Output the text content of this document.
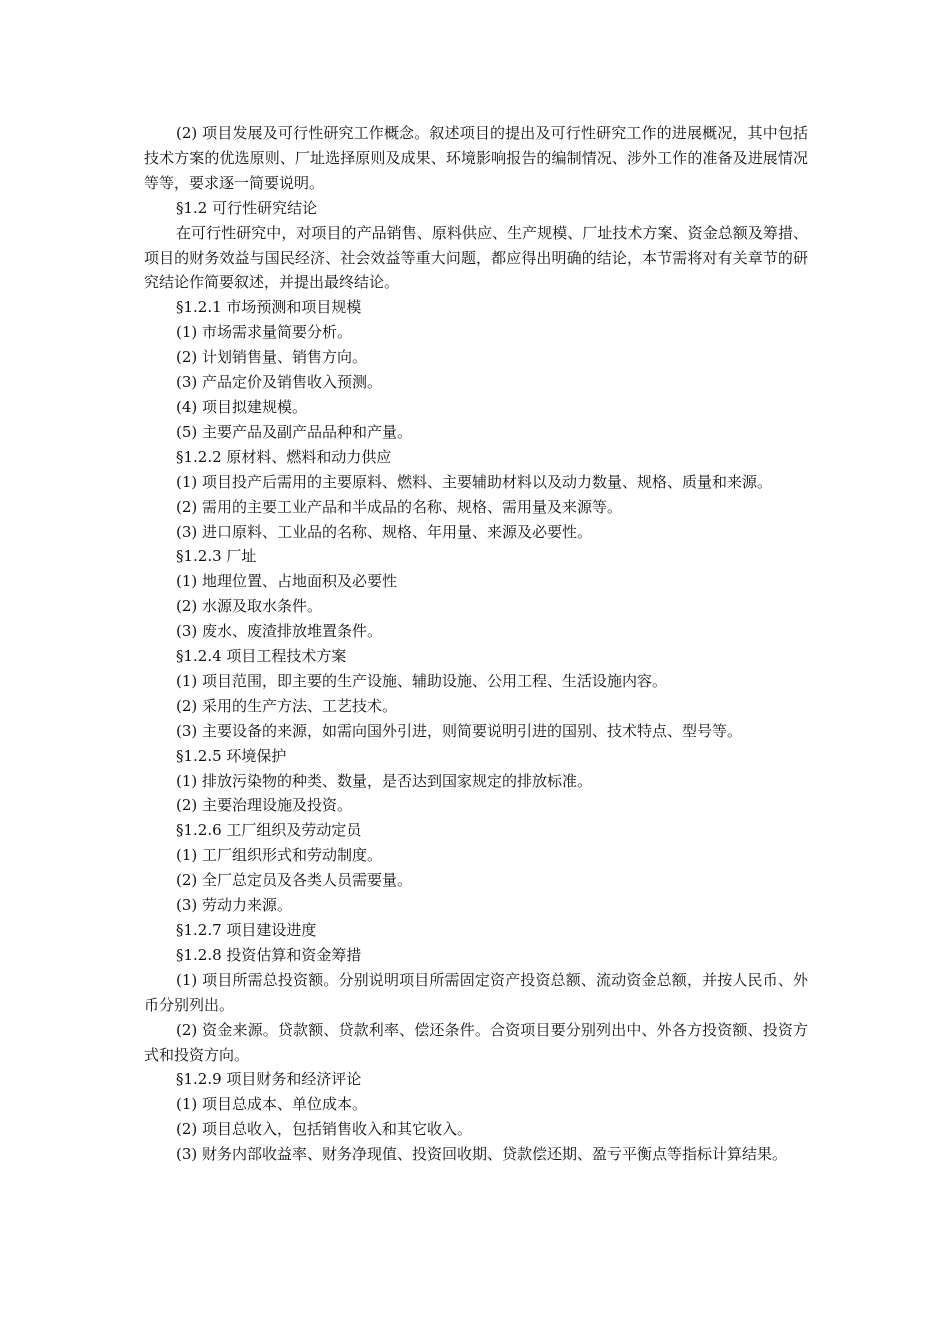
(2) 项目发展及可行性研究工作概念。叙述项目的提出及可行性研究工作的进展概况，其中包括技术方案的优选原则、厂址选择原则及成果、环境影响报告的编制情况、涉外工作的准备及进展情况等等，要求逐一简要说明。

§1.2 可行性研究结论

在可行性研究中，对项目的产品销售、原料供应、生产规模、厂址技术方案、资金总额及筹措、项目的财务效益与国民经济、社会效益等重大问题，都应得出明确的结论，本节需将对有关章节的研究结论作简要叙述，并提出最终结论。

§1.2.1 市场预测和项目规模

(1) 市场需求量简要分析。

(2) 计划销售量、销售方向。

(3) 产品定价及销售收入预测。

(4) 项目拟建规模。

(5) 主要产品及副产品品种和产量。

§1.2.2 原材料、燃料和动力供应

(1) 项目投产后需用的主要原料、燃料、主要辅助材料以及动力数量、规格、质量和来源。

(2) 需用的主要工业产品和半成品的名称、规格、需用量及来源等。

(3) 进口原料、工业品的名称、规格、年用量、来源及必要性。

§1.2.3 厂址

(1) 地理位置、占地面积及必要性

(2) 水源及取水条件。

(3) 废水、废渣排放堆置条件。

§1.2.4 项目工程技术方案

(1) 项目范围，即主要的生产设施、辅助设施、公用工程、生活设施内容。

(2) 采用的生产方法、工艺技术。

(3) 主要设备的来源，如需向国外引进，则简要说明引进的国别、技术特点、型号等。

§1.2.5 环境保护

(1) 排放污染物的种类、数量，是否达到国家规定的排放标准。

(2) 主要治理设施及投资。

§1.2.6 工厂组织及劳动定员

(1) 工厂组织形式和劳动制度。

(2) 全厂总定员及各类人员需要量。

(3) 劳动力来源。

§1.2.7 项目建设进度

§1.2.8 投资估算和资金筹措

(1) 项目所需总投资额。分别说明项目所需固定资产投资总额、流动资金总额，并按人民币、外币分别列出。

(2) 资金来源。贷款额、贷款利率、偿还条件。合资项目要分别列出中、外各方投资额、投资方式和投资方向。

§1.2.9 项目财务和经济评论

(1) 项目总成本、单位成本。

(2) 项目总收入，包括销售收入和其它收入。

(3) 财务内部收益率、财务净现值、投资回收期、贷款偿还期、盈亏平衡点等指标计算结果。
